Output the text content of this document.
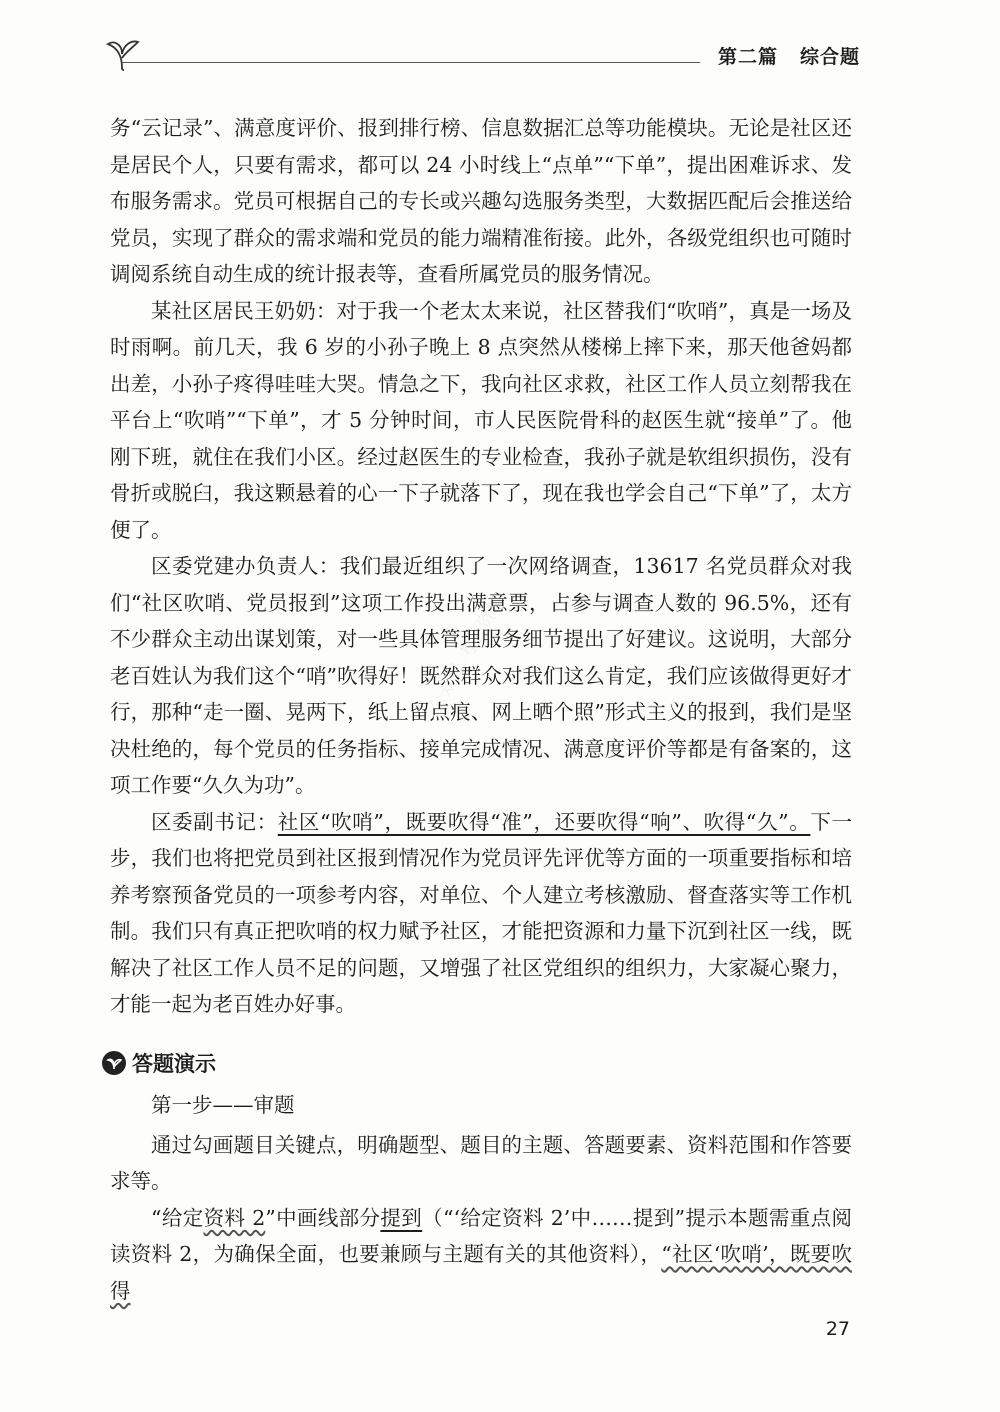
第二篇 综合题
公众号 考公资料

务“云记录”、满意度评价、报到排行榜、信息数据汇总等功能模块。无论是社区还是居民个人，只要有需求，都可以 24 小时线上“点单”“下单”，提出困难诉求、发布服务需求。党员可根据自己的专长或兴趣勾选服务类型，大数据匹配后会推送给党员，实现了群众的需求端和党员的能力端精准衔接。此外，各级党组织也可随时调阅系统自动生成的统计报表等，查看所属党员的服务情况。

某社区居民王奶奶：对于我一个老太太来说，社区替我们“吹哨”，真是一场及时雨啊。前几天，我 6 岁的小孙子晚上 8 点突然从楼梯上摔下来，那天他爸妈都出差，小孙子疼得哇哇大哭。情急之下，我向社区求救，社区工作人员立刻帮我在平台上“吹哨”“下单”，才 5 分钟时间，市人民医院骨科的赵医生就“接单”了。他刚下班，就住在我们小区。经过赵医生的专业检查，我孙子就是软组织损伤，没有骨折或脱臼，我这颗悬着的心一下子就落下了，现在我也学会自己“下单”了，太方便了。

区委党建办负责人：我们最近组织了一次网络调查，13617 名党员群众对我们“社区吹哨、党员报到”这项工作投出满意票，占参与调查人数的 96.5%，还有不少群众主动出谋划策，对一些具体管理服务细节提出了好建议。这说明，大部分老百姓认为我们这个“哨”吹得好！既然群众对我们这么肯定，我们应该做得更好才行，那种“走一圈、晃两下，纸上留点痕、网上晒个照”形式主义的报到，我们是坚决杜绝的，每个党员的任务指标、接单完成情况、满意度评价等都是有备案的，这项工作要“久久为功”。

区委副书记：社区“吹哨”，既要吹得“准”，还要吹得“响”、吹得“久”。下一步，我们也将把党员到社区报到情况作为党员评先评优等方面的一项重要指标和培养考察预备党员的一项参考内容，对单位、个人建立考核激励、督查落实等工作机制。我们只有真正把吹哨的权力赋予社区，才能把资源和力量下沉到社区一线，既解决了社区工作人员不足的问题，又增强了社区党组织的组织力，大家凝心聚力，才能一起为老百姓办好事。

答题演示
第一步——审题

通过勾画题目关键点，明确题型、题目的主题、答题要素、资料范围和作答要求等。

“给定资料 2”中画线部分提到（“‘给定资料 2’中……提到”提示本题需重点阅读资料 2，为确保全面，也要兼顾与主题有关的其他资料），“社区‘吹哨’，既要吹得

27
